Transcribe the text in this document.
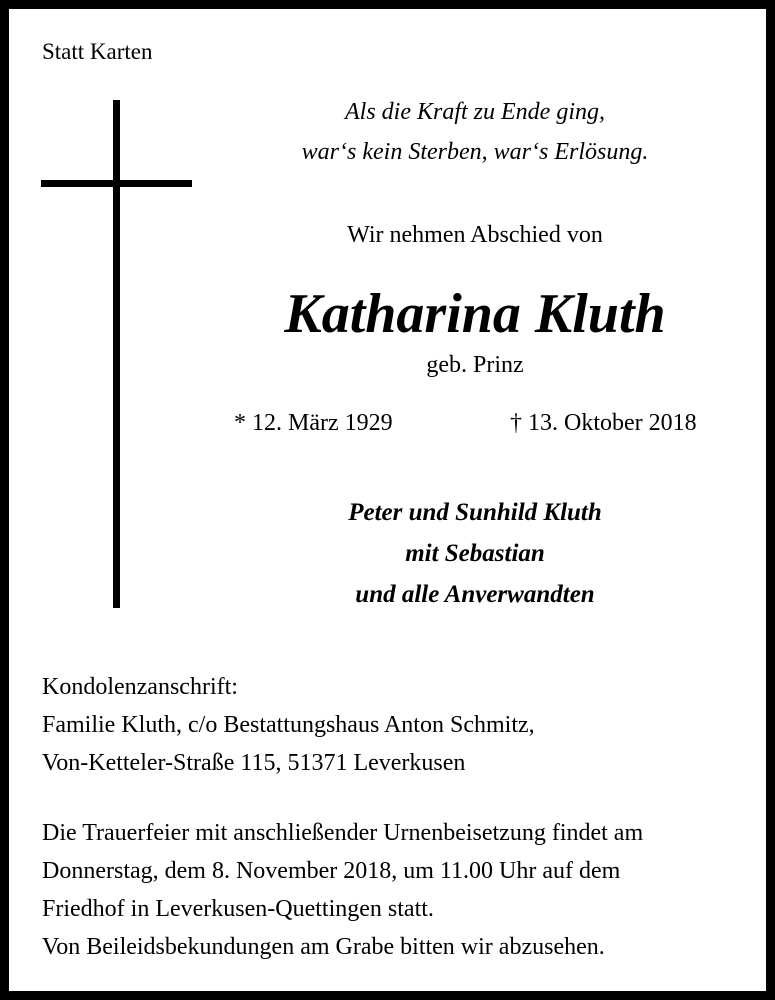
Statt Karten
Als die Kraft zu Ende ging,
war‘s kein Sterben, war‘s Erlösung.
Wir nehmen Abschied von
Katharina Kluth
geb. Prinz
* 12. März 1929	† 13. Oktober 2018
Peter und Sunhild Kluth
mit Sebastian
und alle Anverwandten
Kondolenzanschrift:
Familie Kluth, c/o Bestattungshaus Anton Schmitz,
Von-Ketteler-Straße 115, 51371 Leverkusen
Die Trauerfeier mit anschließender Urnenbeisetzung findet am
Donnerstag, dem 8. November 2018, um 11.00 Uhr auf dem
Friedhof in Leverkusen-Quettingen statt.
Von Beileidsbekundungen am Grabe bitten wir abzusehen.
